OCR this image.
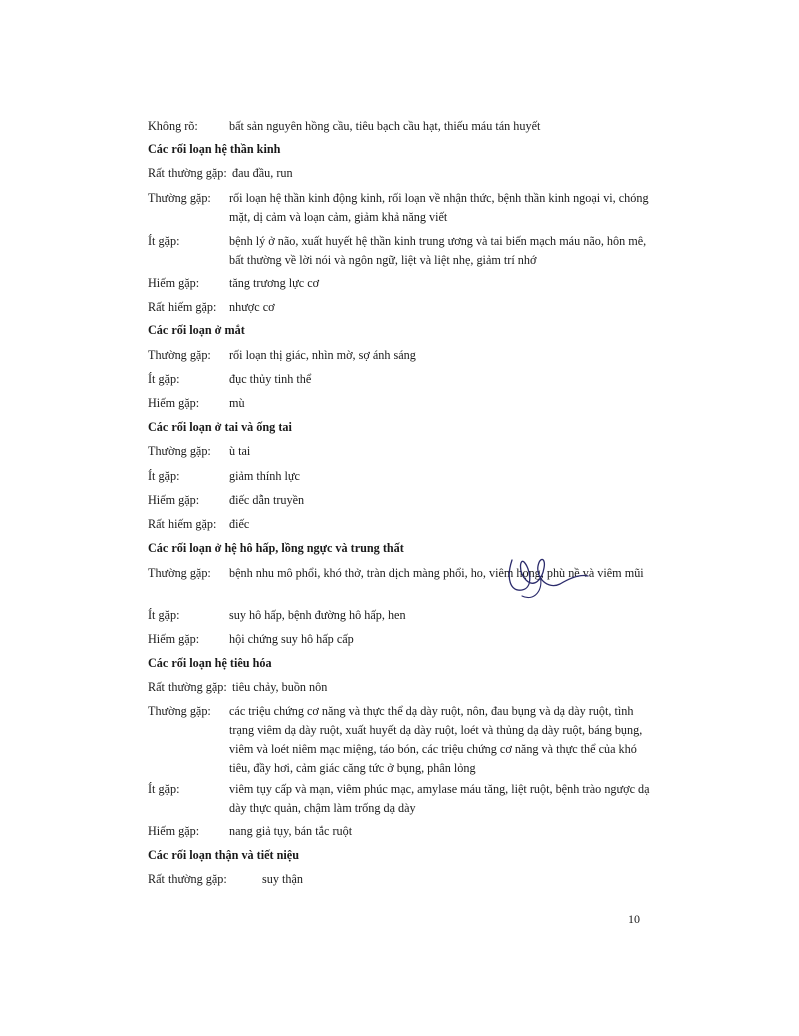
Không rõ:	bất sản nguyên hồng cầu, tiêu bạch cầu hạt, thiếu máu tán huyết
Các rối loạn hệ thần kinh
Rất thường gặp: đau đầu, run
Thường gặp: rối loạn hệ thần kinh động kinh, rối loạn về nhận thức, bệnh thần kinh ngoại vi, chóng mặt, dị cảm và loạn cảm, giảm khả năng viết
Ít gặp:	bệnh lý ở não, xuất huyết hệ thần kinh trung ương và tai biến mạch máu não, hôn mê, bất thường về lời nói và ngôn ngữ, liệt và liệt nhẹ, giảm trí nhớ
Hiếm gặp: tăng trương lực cơ
Rất hiếm gặp: nhược cơ
Các rối loạn ở mắt
Thường gặp: rối loạn thị giác, nhìn mờ, sợ ánh sáng
Ít gặp:	đục thủy tinh thể
Hiếm gặp: mù
Các rối loạn ở tai và ống tai
Thường gặp: ù tai
Ít gặp:	giảm thính lực
Hiếm gặp: điếc dẫn truyền
Rất hiếm gặp: điếc
Các rối loạn ở hệ hô hấp, lồng ngực và trung thất
Thường gặp: bệnh nhu mô phổi, khó thở, tràn dịch màng phổi, ho, viêm họng, phù nề và viêm mũi
Ít gặp:	suy hô hấp, bệnh đường hô hấp, hen
Hiếm gặp: hội chứng suy hô hấp cấp
Các rối loạn hệ tiêu hóa
Rất thường gặp: tiêu chảy, buồn nôn
Thường gặp: các triệu chứng cơ năng và thực thể dạ dày ruột, nôn, đau bụng và dạ dày ruột, tình trạng viêm dạ dày ruột, xuất huyết dạ dày ruột, loét và thủng dạ dày ruột, báng bụng, viêm và loét niêm mạc miệng, táo bón, các triệu chứng cơ năng và thực thể của khó tiêu, đầy hơi, cảm giác căng tức ở bụng, phân lỏng
Ít gặp:	viêm tụy cấp và mạn, viêm phúc mạc, amylase máu tăng, liệt ruột, bệnh trào ngược dạ dày thực quản, chậm làm trống dạ dày
Hiếm gặp: nang giả tụy, bán tắc ruột
Các rối loạn thận và tiết niệu
Rất thường gặp:	suy thận
10
